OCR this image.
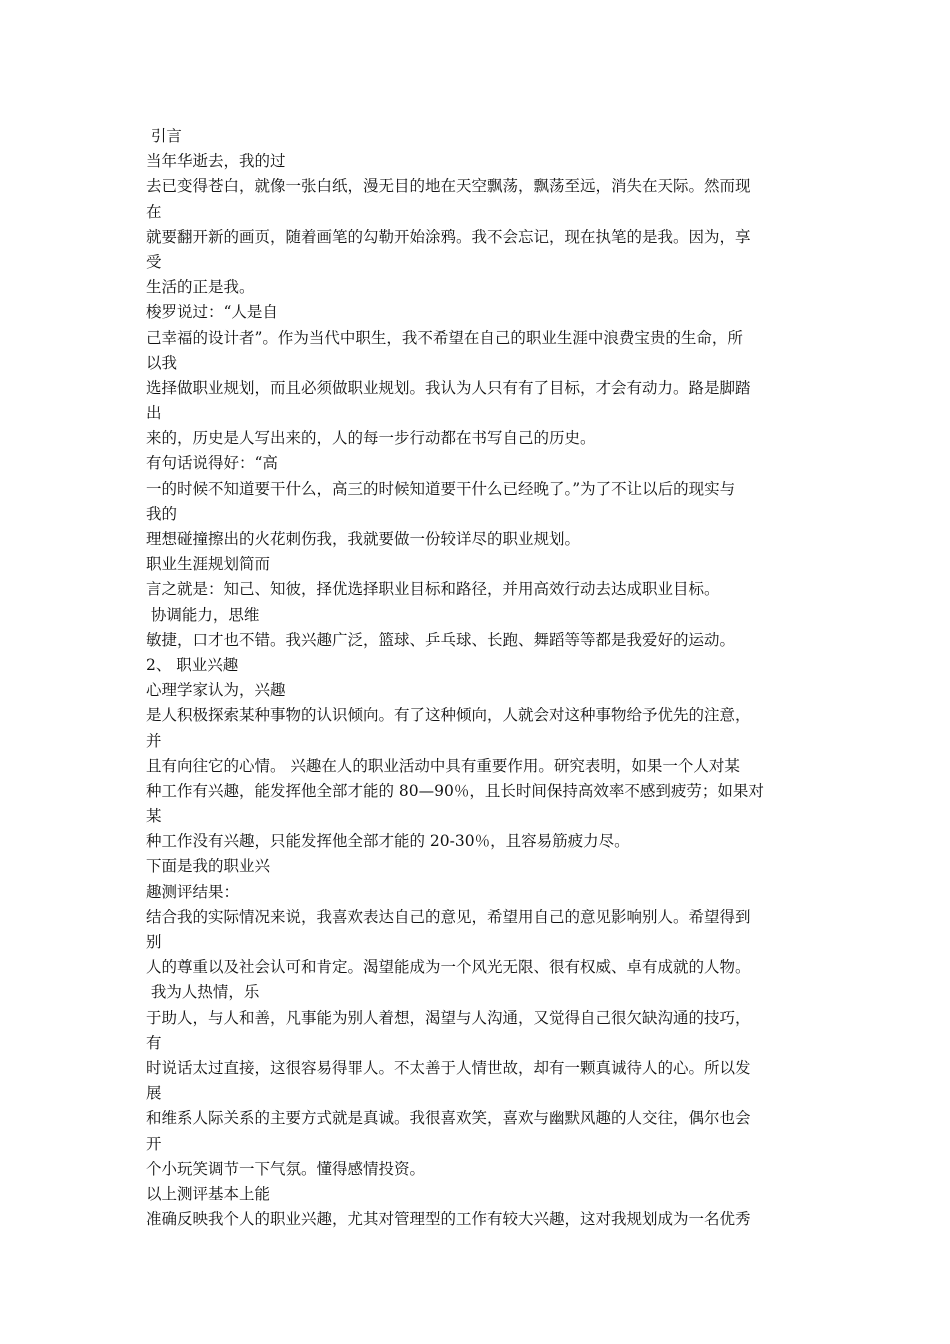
引言
当年华逝去，我的过
去已变得苍白，就像一张白纸，漫无目的地在天空飘荡，飘荡至远，消失在天际。然而现
在
就要翻开新的画页，随着画笔的勾勒开始涂鸦。我不会忘记，现在执笔的是我。因为，享
受
生活的正是我。
梭罗说过：“人是自
己幸福的设计者”。作为当代中职生，我不希望在自己的职业生涯中浪费宝贵的生命，所
以我
选择做职业规划，而且必须做职业规划。我认为人只有有了目标，才会有动力。路是脚踏
出
来的，历史是人写出来的，人的每一步行动都在书写自己的历史。
有句话说得好：“高
一的时候不知道要干什么，高三的时候知道要干什么已经晚了。”为了不让以后的现实与
我的
理想碰撞擦出的火花刺伤我，我就要做一份较详尽的职业规划。
职业生涯规划简而
言之就是：知己、知彼，择优选择职业目标和路径，并用高效行动去达成职业目标。
协调能力，思维
敏捷，口才也不错。我兴趣广泛，篮球、乒乓球、长跑、舞蹈等等都是我爱好的运动。
2、 职业兴趣
心理学家认为，兴趣
是人积极探索某种事物的认识倾向。有了这种倾向，人就会对这种事物给予优先的注意，
并
且有向往它的心情。 兴趣在人的职业活动中具有重要作用。研究表明，如果一个人对某
种工作有兴趣，能发挥他全部才能的 80—90％，且长时间保持高效率不感到疲劳；如果对
某
种工作没有兴趣，只能发挥他全部才能的 20-30％，且容易筋疲力尽。
下面是我的职业兴
趣测评结果：
结合我的实际情况来说，我喜欢表达自己的意见，希望用自己的意见影响别人。希望得到
别
人的尊重以及社会认可和肯定。渴望能成为一个风光无限、很有权威、卓有成就的人物。
我为人热情，乐
于助人，与人和善，凡事能为别人着想，渴望与人沟通，又觉得自己很欠缺沟通的技巧，
有
时说话太过直接，这很容易得罪人。不太善于人情世故，却有一颗真诚待人的心。所以发
展
和维系人际关系的主要方式就是真诚。我很喜欢笑，喜欢与幽默风趣的人交往，偶尔也会
开
个小玩笑调节一下气氛。懂得感情投资。
以上测评基本上能
准确反映我个人的职业兴趣，尤其对管理型的工作有较大兴趣，这对我规划成为一名优秀
